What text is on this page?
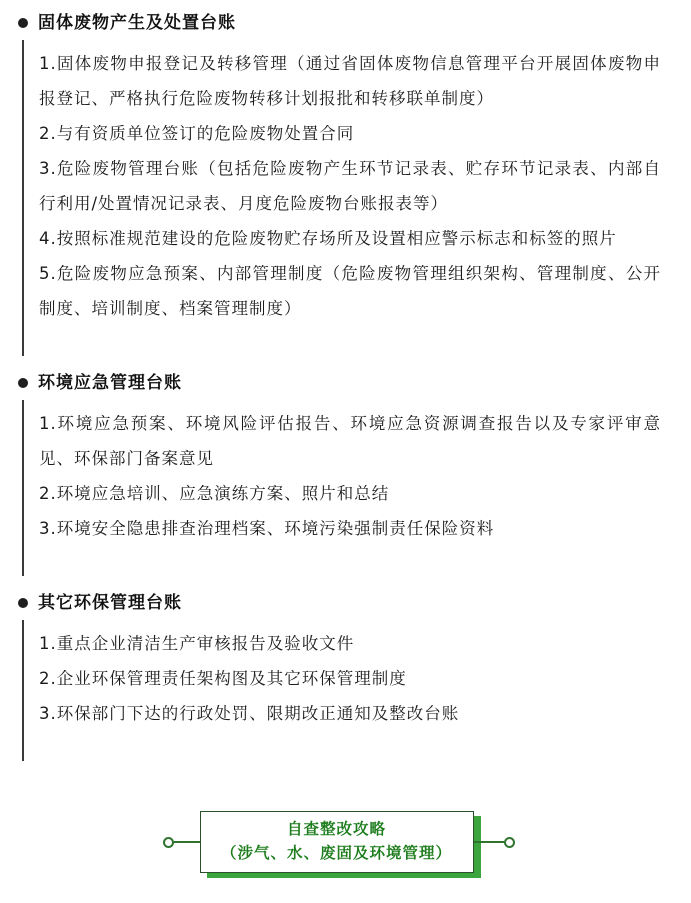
固体废物产生及处置台账

1.固体废物申报登记及转移管理（通过省固体废物信息管理平台开展固体废物申报登记、严格执行危险废物转移计划报批和转移联单制度）

2.与有资质单位签订的危险废物处置合同

3.危险废物管理台账（包括危险废物产生环节记录表、贮存环节记录表、内部自行利用/处置情况记录表、月度危险废物台账报表等）

4.按照标准规范建设的危险废物贮存场所及设置相应警示标志和标签的照片

5.危险废物应急预案、内部管理制度（危险废物管理组织架构、管理制度、公开制度、培训制度、档案管理制度）

环境应急管理台账

1.环境应急预案、环境风险评估报告、环境应急资源调查报告以及专家评审意见、环保部门备案意见

2.环境应急培训、应急演练方案、照片和总结

3.环境安全隐患排查治理档案、环境污染强制责任保险资料

其它环保管理台账

1.重点企业清洁生产审核报告及验收文件

2.企业环保管理责任架构图及其它环保管理制度

3.环保部门下达的行政处罚、限期改正通知及整改台账

自查整改攻略
（涉气、水、废固及环境管理）
